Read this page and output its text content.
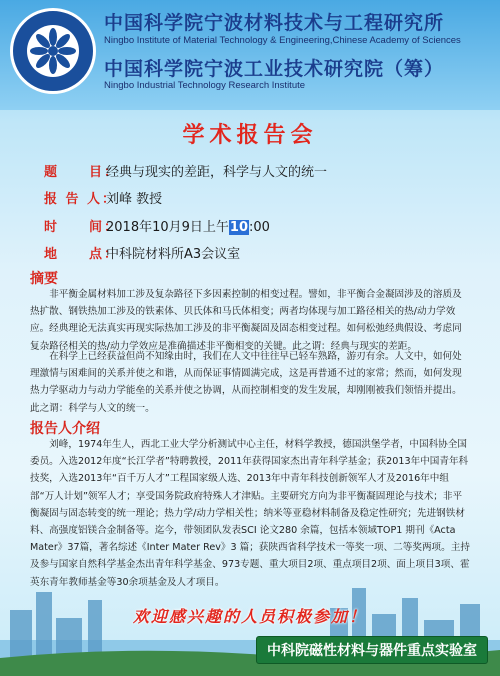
中国科学院宁波材料技术与工程研究所
Ningbo Institute of Material Technology & Engineering,Chinese Academy of Sciences
中国科学院宁波工业技术研究院（筹）
Ningbo Industrial Technology Research Institute
学术报告会
题　　目：经典与现实的差距，科学与人文的统一
报 告 人：刘峰 教授
时　　间：2018年10月9日上午10:00
地　　点：中科院材料所A3会议室
摘要

非平衡金属材料加工涉及复杂路径下多因素控制的相变过程。譬如，非平衡合金凝固涉及的溶质及热扩散、钢铁热加工涉及的铁素体、贝氏体和马氏体相变；两者均体现与加工路径相关的热/动力学效应。经典理论无法真实再现实际热加工涉及的非平衡凝固及固态相变过程。如何松弛经典假设、考虑同复杂路径相关的热/动力学效应是准确描述非平衡相变的关键。此之谓：经典与现实的差距。

在科学上已经获益但尚不知缘由时，我们在人文中往往早已轻车熟路，游刃有余。人文中，如何处理激情与困难间的关系并使之和谐，从而保证事情圆满完成，这是再普通不过的家常；然而，如何发现热力学驱动力与动力学能垒的关系并使之协调，从而控制相变的发生发展，却刚刚被我们领悟并提出。此之谓：科学与人文的统一。

报告人介绍

刘峰，1974年生人，西北工业大学分析测试中心主任，材料学教授，德国洪堡学者，中国科协全国委员。入选2012年度“长江学者”特聘教授，2011年获得国家杰出青年科学基金；获2013年中国青年科技奖，入选2013年“百千万人才”工程国家级人选、2013年中青年科技创新领军人才及2016年中组部“万人计划”领军人才；享受国务院政府特殊人才津贴。主要研究方向为非平衡凝固理论与技术；非平衡凝固与固态转变的统一理论；热力学/动力学相关性；纳米等亚稳材料制备及稳定性研究；先进钢铁材料、高强度铝镁合金制备等。迄今，带领团队发表SCI 论文280 余篇，包括本领域TOP1 期刊《Acta Mater》37篇，著名综述《Inter Mater Rev》3 篇；获陕西省科学技术一等奖一项、二等奖两项。主持及参与国家自然科学基金杰出青年科学基金、973专题、重大项目2项、重点项目2项、面上项目3项、霍英东青年教师基金等30余项基金及人才项目。

欢迎感兴趣的人员积极参加！
中科院磁性材料与器件重点实验室
